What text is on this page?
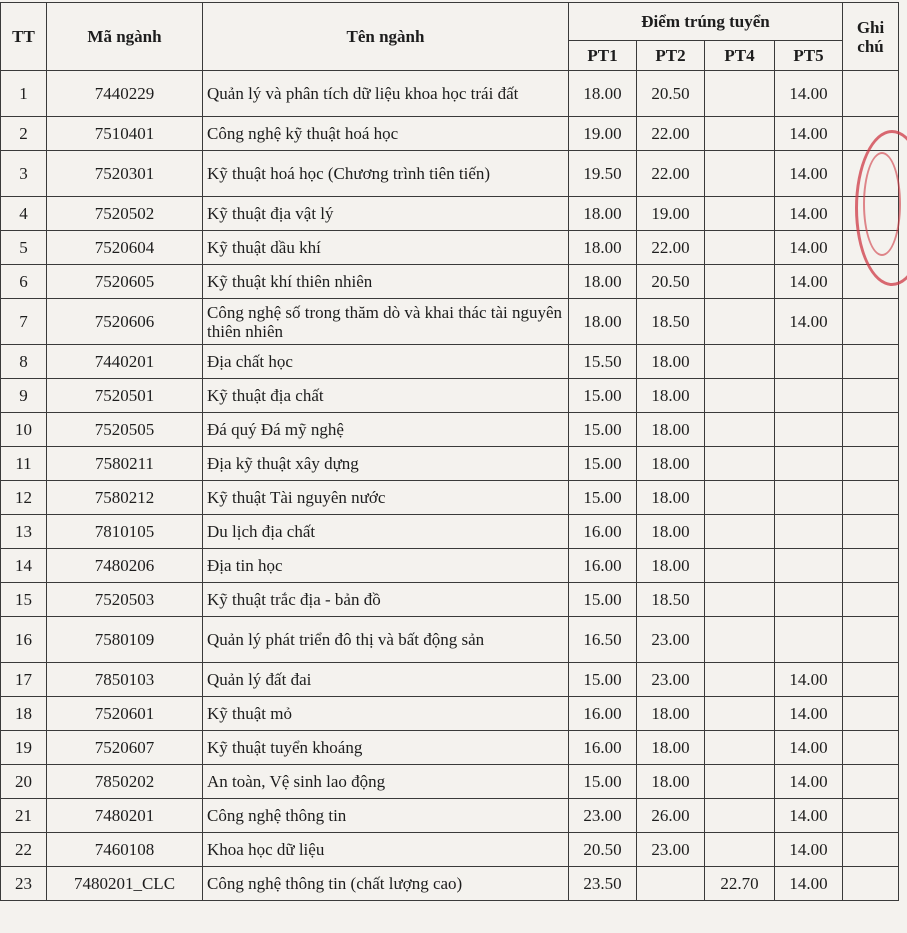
TT	Mã ngành	Tên ngành	Điểm trúng tuyển				Ghi
chú
			PT1	PT2	PT4	PT5	
1	7440229	Quản lý và phân tích dữ liệu khoa học trái đất	18.00	20.50		14.00	
2	7510401	Công nghệ kỹ thuật hoá học	19.00	22.00		14.00	
3	7520301	Kỹ thuật hoá học (Chương trình tiên tiến)	19.50	22.00		14.00	
4	7520502	Kỹ thuật địa vật lý	18.00	19.00		14.00	
5	7520604	Kỹ thuật dầu khí	18.00	22.00		14.00	
6	7520605	Kỹ thuật khí thiên nhiên	18.00	20.50		14.00	
7	7520606	Công nghệ số trong thăm dò và khai thác tài nguyên thiên nhiên	18.00	18.50		14.00	
8	7440201	Địa chất học	15.50	18.00			
9	7520501	Kỹ thuật địa chất	15.00	18.00			
10	7520505	Đá quý Đá mỹ nghệ	15.00	18.00			
11	7580211	Địa kỹ thuật xây dựng	15.00	18.00			
12	7580212	Kỹ thuật Tài nguyên nước	15.00	18.00			
13	7810105	Du lịch địa chất	16.00	18.00			
14	7480206	Địa tin học	16.00	18.00			
15	7520503	Kỹ thuật trắc địa - bản đồ	15.00	18.50			
16	7580109	Quản lý phát triển đô thị và bất động sản	16.50	23.00			
17	7850103	Quản lý đất đai	15.00	23.00		14.00	
18	7520601	Kỹ thuật mỏ	16.00	18.00		14.00	
19	7520607	Kỹ thuật tuyển khoáng	16.00	18.00		14.00	
20	7850202	An toàn, Vệ sinh lao động	15.00	18.00		14.00	
21	7480201	Công nghệ thông tin	23.00	26.00		14.00	
22	7460108	Khoa học dữ liệu	20.50	23.00		14.00	
23	7480201_CLC	Công nghệ thông tin (chất lượng cao)	23.50		22.70	14.00	
